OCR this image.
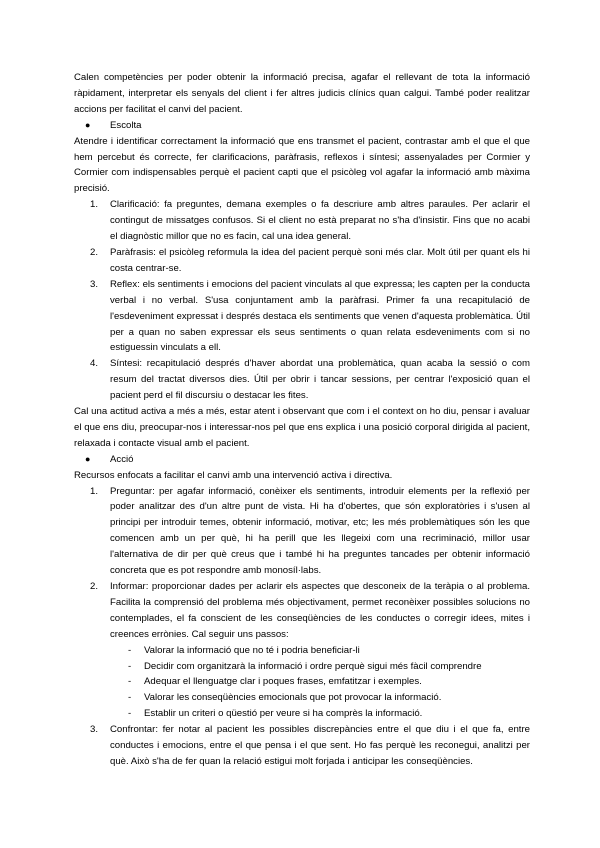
Calen competències per poder obtenir la informació precisa, agafar el rellevant de tota la informació ràpidament, interpretar els senyals del client i fer altres judicis clínics quan calgui. També poder realitzar accions per facilitat el canvi del pacient.

● Escolta

Atendre i identificar correctament la informació que ens transmet el pacient, contrastar amb el que el que hem percebut és correcte, fer clarificacions, paràfrasis, reflexos i síntesi; assenyalades per Cormier y Cormier com indispensables perquè el pacient capti que el psicòleg vol agafar la informació amb màxima precisió.

1. Clarificació: fa preguntes, demana exemples o fa descriure amb altres paraules. Per aclarir el contingut de missatges confusos. Si el client no està preparat no s'ha d'insistir. Fins que no acabi el diagnòstic millor que no es facin, cal una idea general.
2. Paràfrasis: el psicòleg reformula la idea del pacient perquè soni més clar. Molt útil per quant els hi costa centrar-se.
3. Reflex: els sentiments i emocions del pacient vinculats al que expressa; les capten per la conducta verbal i no verbal. S'usa conjuntament amb la paràfrasi. Primer fa una recapitulació de l'esdeveniment expressat i després destaca els sentiments que venen d'aquesta problemàtica. Útil per a quan no saben expressar els seus sentiments o quan relata esdeveniments com si no estiguessin vinculats a ell.
4. Síntesi: recapitulació després d'haver abordat una problemàtica, quan acaba la sessió o com resum del tractat diversos dies. Útil per obrir i tancar sessions, per centrar l'exposició quan el pacient perd el fil discursiu o destacar les fites.

Cal una actitud activa a més a més, estar atent i observant que com i el context on ho diu, pensar i avaluar el que ens diu, preocupar-nos i interessar-nos pel que ens explica i una posició corporal dirigida al pacient, relaxada i contacte visual amb el pacient.

● Acció

Recursos enfocats a facilitar el canvi amb una intervenció activa i directiva.

1. Preguntar: per agafar informació, conèixer els sentiments, introduir elements per la reflexió per poder analitzar des d'un altre punt de vista. Hi ha d'obertes, que són exploratòries i s'usen al principi per introduir temes, obtenir informació, motivar, etc; les més problemàtiques són les que comencen amb un per què, hi ha perill que les llegeixi com una recriminació, millor usar l'alternativa de dir per què creus que i també hi ha preguntes tancades per obtenir informació concreta que es pot respondre amb monosíl·labs.
2. Informar: proporcionar dades per aclarir els aspectes que desconeix de la teràpia o al problema. Facilita la comprensió del problema més objectivament, permet reconèixer possibles solucions no contemplades, el fa conscient de les conseqüències de les conductes o corregir idees, mites i creences errònies. Cal seguir uns passos:
- Valorar la informació que no té i podria beneficiar-li
- Decidir com organitzarà la informació i ordre perquè sigui més fàcil comprendre
- Adequar el llenguatge clar i poques frases, emfatitzar i exemples.
- Valorar les conseqüències emocionals que pot provocar la informació.
- Establir un criteri o qüestió per veure si ha comprès la informació.
3. Confrontar: fer notar al pacient les possibles discrepàncies entre el que diu i el que fa, entre conductes i emocions, entre el que pensa i el que sent. Ho fas perquè les reconegui, analitzi per què. Això s'ha de fer quan la relació estigui molt forjada i anticipar les conseqüències.
